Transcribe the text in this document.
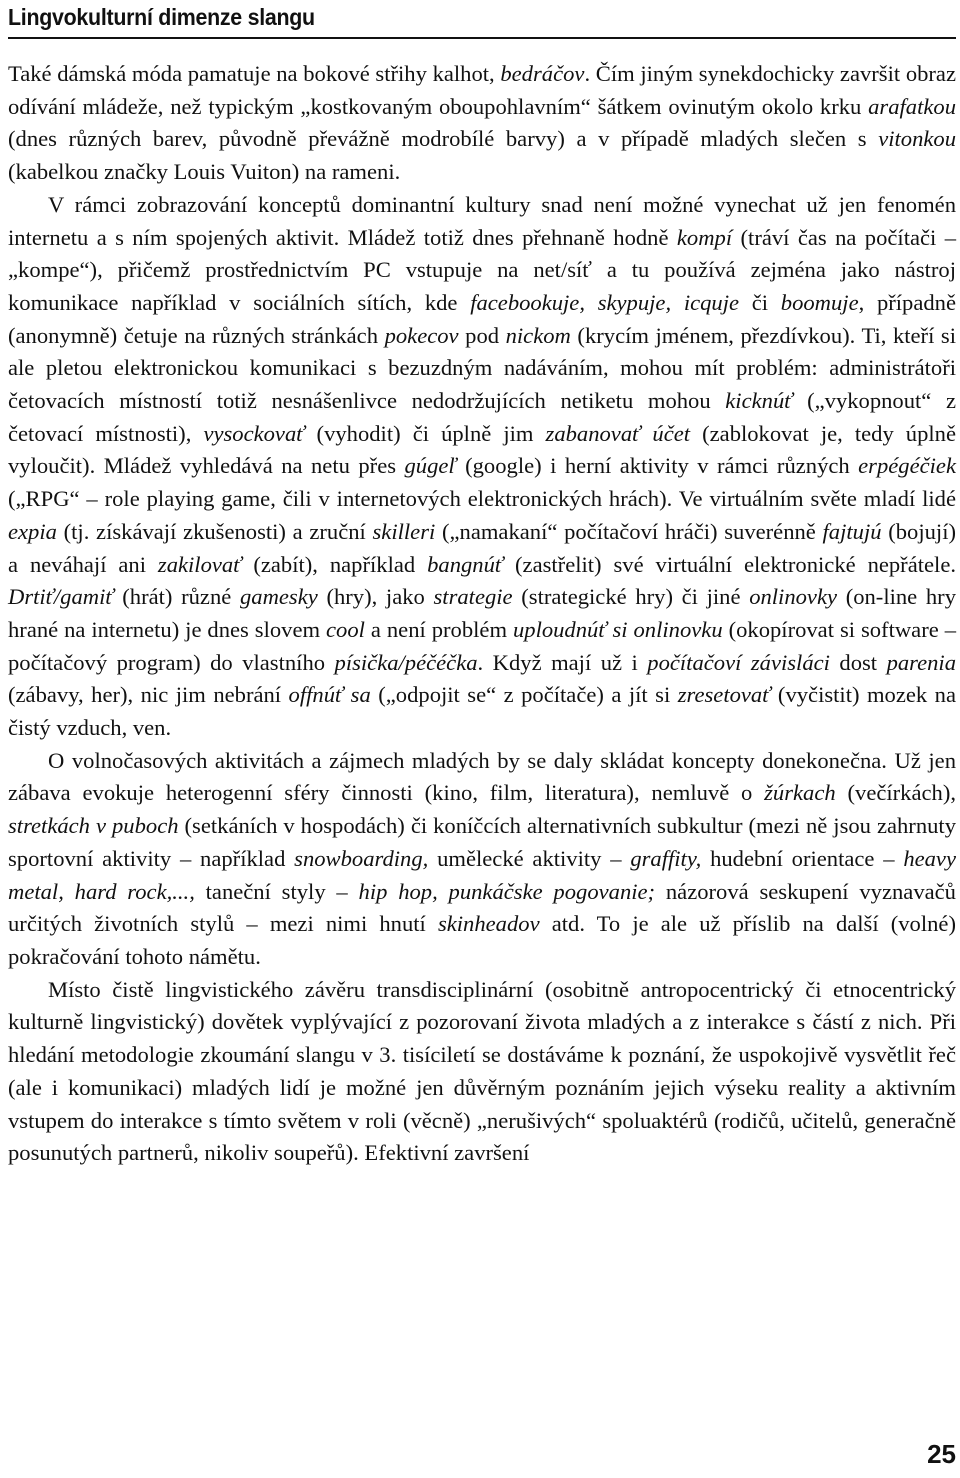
Lingvokulturní dimenze slangu

Také dámská móda pamatuje na bokové střihy kalhot, bedráčov. Čím jiným synekdochicky završit obraz odívání mládeže, než typickým „kostkovaným oboupohlavním“ šátkem ovinutým okolo krku arafatkou (dnes různých barev, původně převážně modrobílé barvy) a v případě mladých slečen s vitonkou (kabelkou značky Louis Vuiton) na rameni.

V rámci zobrazování konceptů dominantní kultury snad není možné vynechat už jen fenomén internetu a s ním spojených aktivit. Mládež totiž dnes přehnaně hodně kompí (tráví čas na počítači – „kompe“), přičemž prostřednictvím PC vstupuje na net/síť a tu používá zejména jako nástroj komunikace například v sociálních sítích, kde facebookuje, skypuje, icquje či boomuje, případně (anonymně) četuje na různých stránkách pokecov pod nickom (krycím jménem, přezdívkou). Ti, kteří si ale pletou elektronickou komunikaci s bezuzdným nadáváním, mohou mít problém: administrátoři četovacích místností totiž nesnášenlivce nedodržujících netiketu mohou kicknúť („vykopnout“ z četovací místnosti), vysockovať (vyhodit) či úplně jim zabanovať účet (zablokovat je, tedy úplně vyloučit). Mládež vyhledává na netu přes gúgeľ (google) i herní aktivity v rámci různých erpégéčiek („RPG“ – role playing game, čili v internetových elektronických hrách). Ve virtuálním světe mladí lidé expia (tj. získávají zkušenosti) a zruční skilleri („namakaní“ počítačoví hráči) suverénně fajtujú (bojují) a neváhají ani zakilovať (zabít), například bangnúť (zastřelit) své virtuální elektronické nepřátele. Drtiť/gamiť (hrát) různé gamesky (hry), jako strategie (strategické hry) či jiné onlinovky (on-line hry hrané na internetu) je dnes slovem cool a není problém uploudnúť si onlinovku (okopírovat si software – počítačový program) do vlastního písička/péčéčka. Když mají už i počítačoví závisláci dost parenia (zábavy, her), nic jim nebrání offnúť sa („odpojit se“ z počítače) a jít si zresetovať (vyčistit) mozek na čistý vzduch, ven.

O volnočasových aktivitách a zájmech mladých by se daly skládat koncepty donekonečna. Už jen zábava evokuje heterogenní sféry činnosti (kino, film, literatura), nemluvě o žúrkach (večírkách), stretkách v puboch (setkáních v hospodách) či koníčcích alternativních subkultur (mezi ně jsou zahrnuty sportovní aktivity – například snowboarding, umělecké aktivity – graffity, hudební orientace – heavy metal, hard rock,..., taneční styly – hip hop, punkáčske pogovanie; názorová seskupení vyznavačů určitých životních stylů – mezi nimi hnutí skinheadov atd. To je ale už příslib na další (volné) pokračování tohoto námětu.

Místo čistě lingvistického závěru transdisciplinární (osobitně antropocentrický či etnocentrický kulturně lingvistický) dovětek vyplývající z pozorovaní života mladých a z interakce s částí z nich. Při hledání metodologie zkoumání slangu v 3. tisíciletí se dostáváme k poznání, že uspokojivě vysvětlit řeč (ale i komunikaci) mladých lidí je možné jen důvěrným poznáním jejich výseku reality a aktivním vstupem do interakce s tímto světem v roli (věcně) „nerušivých“ spoluaktérů (rodičů, učitelů, generačně posunutých partnerů, nikoliv soupeřů). Efektivní završení

25
